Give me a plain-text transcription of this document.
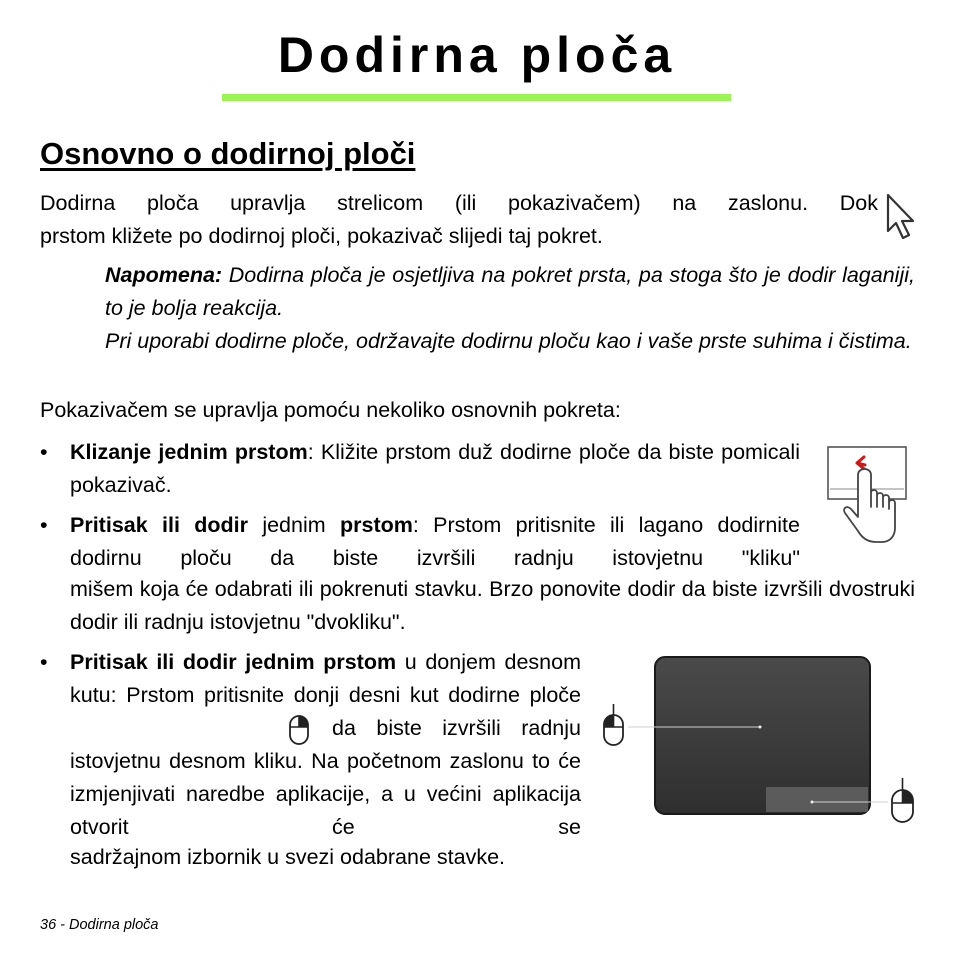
Dodirna ploča
Osnovno o dodirnoj ploči
Dodirna ploča upravlja strelicom (ili pokazivačem) na zaslonu. Dok
prstom kližete po dodirnoj ploči, pokazivač slijedi taj pokret.
Napomena: Dodirna ploča je osjetljiva na pokret prsta, pa stoga što je dodir laganiji, to je bolja reakcija.
Pri uporabi dodirne ploče, održavajte dodirnu ploču kao i vaše prste suhima i čistima.
Pokazivačem se upravlja pomoću nekoliko osnovnih pokreta:
• Klizanje jednim prstom: Kližite prstom duž dodirne ploče da biste pomicali pokazivač.
• Pritisak ili dodir jednim prstom: Prstom pritisnite ili lagano dodirnite dodirnu ploču da biste izvršili radnju istovjetnu "kliku"
mišem koja će odabrati ili pokrenuti stavku. Brzo ponovite dodir da biste izvršili dvostruki dodir ili radnju istovjetnu "dvokliku".
• Pritisak ili dodir jednim prstom u donjem desnom kutu: Prstom pritisnite donji desni kut dodirne ploče
da biste izvršili radnju istovjetnu desnom kliku. Na početnom zaslonu to će izmjenjivati naredbe aplikacije, a u većini aplikacija otvorit će se
sadržajnom izbornik u svezi odabrane stavke.
36 - Dodirna ploča
